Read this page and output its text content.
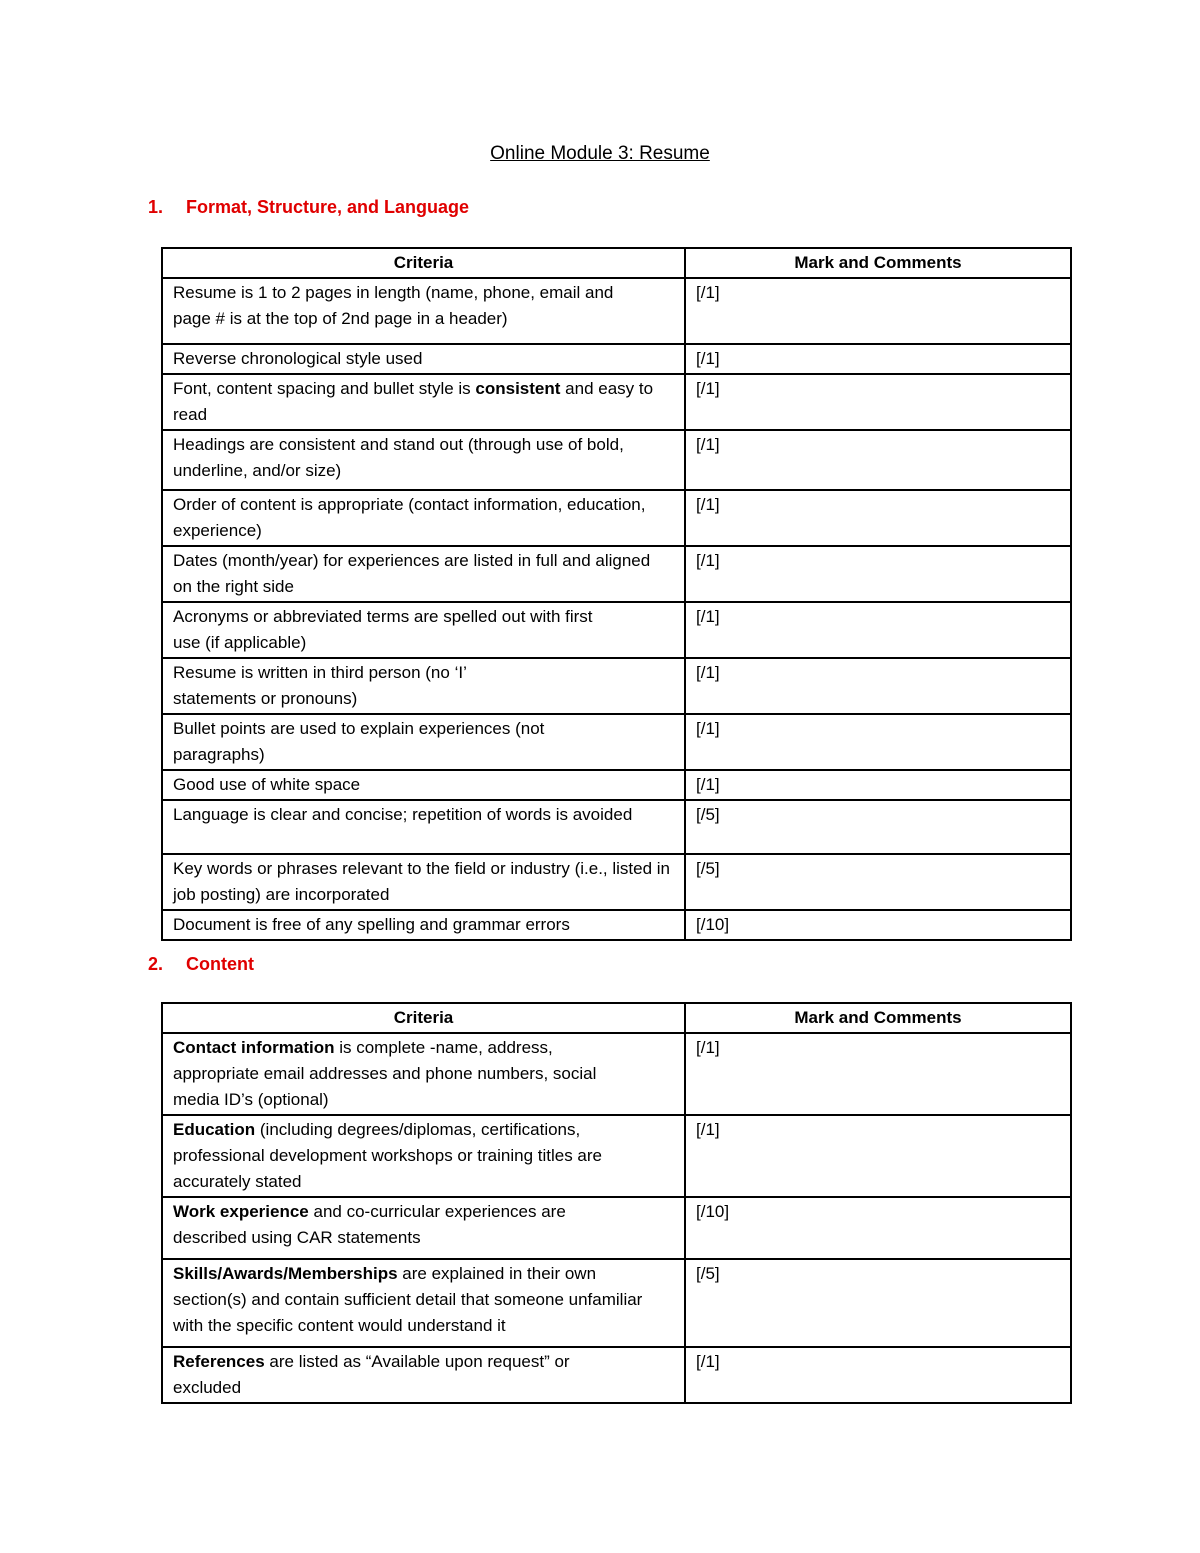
Online Module 3: Resume
1. Format, Structure, and Language
Criteria	Mark and Comments
Resume is 1 to 2 pages in length (name, phone, email and page # is at the top of 2nd page in a header)	[/1]
Reverse chronological style used	[/1]
Font, content spacing and bullet style is consistent and easy to read	[/1]
Headings are consistent and stand out (through use of bold, underline, and/or size)	[/1]
Order of content is appropriate (contact information, education, experience)	[/1]
Dates (month/year) for experiences are listed in full and aligned on the right side	[/1]
Acronyms or abbreviated terms are spelled out with first use (if applicable)	[/1]
Resume is written in third person (no ‘I’ statements or pronouns)	[/1]
Bullet points are used to explain experiences (not paragraphs)	[/1]
Good use of white space	[/1]
Language is clear and concise; repetition of words is avoided	[/5]
Key words or phrases relevant to the field or industry (i.e., listed in job posting) are incorporated	[/5]
Document is free of any spelling and grammar errors	[/10]
2. Content
Criteria	Mark and Comments
Contact information is complete -name, address, appropriate email addresses and phone numbers, social media ID’s (optional)	[/1]
Education (including degrees/diplomas, certifications, professional development workshops or training titles are accurately stated	[/1]
Work experience and co-curricular experiences are described using CAR statements	[/10]
Skills/Awards/Memberships are explained in their own section(s) and contain sufficient detail that someone unfamiliar with the specific content would understand it	[/5]
References are listed as “Available upon request” or excluded	[/1]
